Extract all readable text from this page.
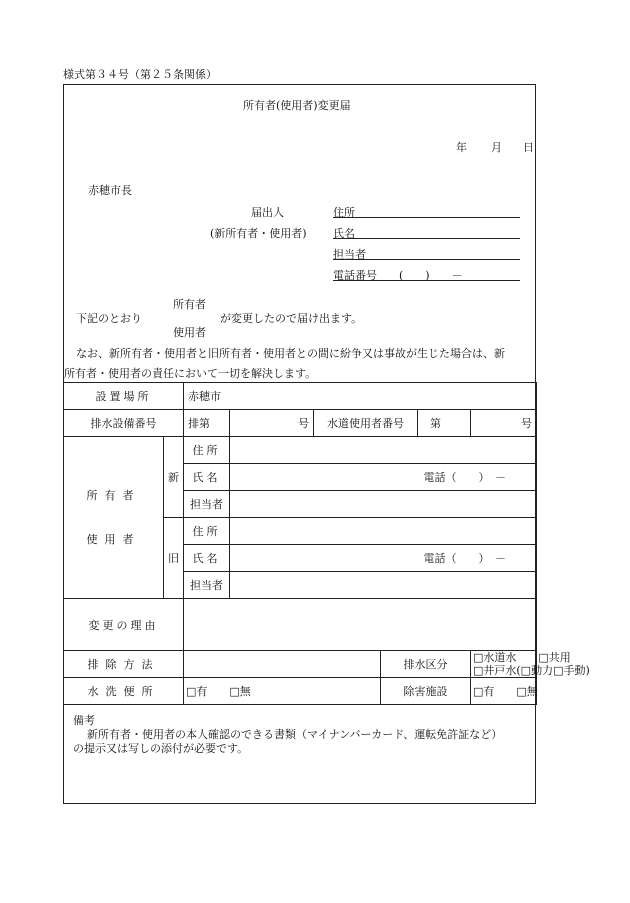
様式第３４号（第２５条関係）
所有者(使用者)変更届
年 月 日
赤穂市長
届出人
(新所有者・使用者)
住所
氏名
担当者
電話番号 (　　)　　－
所有者
下記のとおり	が変更したので届け出ます。
使用者
なお、新所有者・使用者と旧所有者・使用者との間に紛争又は事故が生じた場合は、新
所有者・使用者の責任において一切を解決します。
設置場所		赤穂市					
排水設備番号		排第	号	水道使用者番号		第	号

所有者
使用者	新	住所					
		氏名	電話（　　）　－				
		担当者					
	旧	住所					
		氏名	電話（　　）　－				
		担当者					
変更の理由							
排除方法					排水区分		□水道水　　□共用
□井戸水(□動力□手動)

水洗便所		□有　　□無			除害施設		□有　　□無
備考
新所有者・使用者の本人確認のできる書類（マイナンバーカード、運転免許証など）
の提示又は写しの添付が必要です。
